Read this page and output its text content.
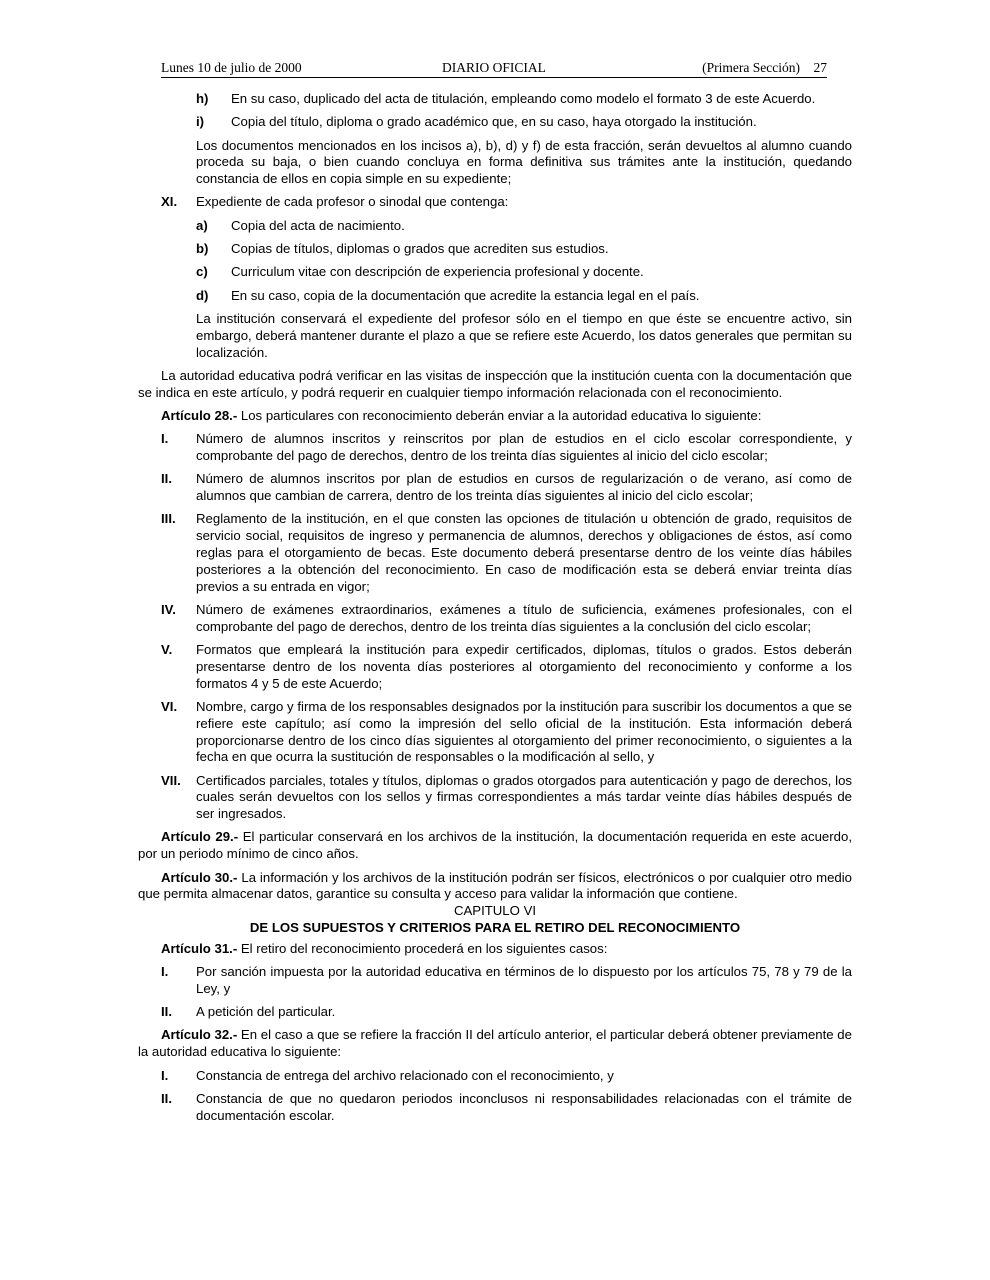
Lunes 10 de julio de 2000	DIARIO OFICIAL	(Primera Sección) 27
h)	En su caso, duplicado del acta de titulación, empleando como modelo el formato 3 de este Acuerdo.
i)	Copia del título, diploma o grado académico que, en su caso, haya otorgado la institución.

Los documentos mencionados en los incisos a), b), d) y f) de esta fracción, serán devueltos al alumno cuando proceda su baja, o bien cuando concluya en forma definitiva sus trámites ante la institución, quedando constancia de ellos en copia simple en su expediente;

XI.	Expediente de cada profesor o sinodal que contenga:
a)	Copia del acta de nacimiento.
b)	Copias de títulos, diplomas o grados que acrediten sus estudios.
c)	Curriculum vitae con descripción de experiencia profesional y docente.
d)	En su caso, copia de la documentación que acredite la estancia legal en el país.

La institución conservará el expediente del profesor sólo en el tiempo en que éste se encuentre activo, sin embargo, deberá mantener durante el plazo a que se refiere este Acuerdo, los datos generales que permitan su localización.

La autoridad educativa podrá verificar en las visitas de inspección que la institución cuenta con la documentación que se indica en este artículo, y podrá requerir en cualquier tiempo información relacionada con el reconocimiento.

Artículo 28.- Los particulares con reconocimiento deberán enviar a la autoridad educativa lo siguiente:

I.	Número de alumnos inscritos y reinscritos por plan de estudios en el ciclo escolar correspondiente, y comprobante del pago de derechos, dentro de los treinta días siguientes al inicio del ciclo escolar;
II.	Número de alumnos inscritos por plan de estudios en cursos de regularización o de verano, así como de alumnos que cambian de carrera, dentro de los treinta días siguientes al inicio del ciclo escolar;
III.	Reglamento de la institución, en el que consten las opciones de titulación u obtención de grado, requisitos de servicio social, requisitos de ingreso y permanencia de alumnos, derechos y obligaciones de éstos, así como reglas para el otorgamiento de becas. Este documento deberá presentarse dentro de los veinte días hábiles posteriores a la obtención del reconocimiento. En caso de modificación esta se deberá enviar treinta días previos a su entrada en vigor;
IV.	Número de exámenes extraordinarios, exámenes a título de suficiencia, exámenes profesionales, con el comprobante del pago de derechos, dentro de los treinta días siguientes a la conclusión del ciclo escolar;
V.	Formatos que empleará la institución para expedir certificados, diplomas, títulos o grados. Estos deberán presentarse dentro de los noventa días posteriores al otorgamiento del reconocimiento y conforme a los formatos 4 y 5 de este Acuerdo;
VI.	Nombre, cargo y firma de los responsables designados por la institución para suscribir los documentos a que se refiere este capítulo; así como la impresión del sello oficial de la institución. Esta información deberá proporcionarse dentro de los cinco días siguientes al otorgamiento del primer reconocimiento, o siguientes a la fecha en que ocurra la sustitución de responsables o la modificación al sello, y
VII.	Certificados parciales, totales y títulos, diplomas o grados otorgados para autenticación y pago de derechos, los cuales serán devueltos con los sellos y firmas correspondientes a más tardar veinte días hábiles después de ser ingresados.

Artículo 29.- El particular conservará en los archivos de la institución, la documentación requerida en este acuerdo, por un periodo mínimo de cinco años.

Artículo 30.- La información y los archivos de la institución podrán ser físicos, electrónicos o por cualquier otro medio que permita almacenar datos, garantice su consulta y acceso para validar la información que contiene.

CAPITULO VI

DE LOS SUPUESTOS Y CRITERIOS PARA EL RETIRO DEL RECONOCIMIENTO

Artículo 31.- El retiro del reconocimiento procederá en los siguientes casos:

I.	Por sanción impuesta por la autoridad educativa en términos de lo dispuesto por los artículos 75, 78 y 79 de la Ley, y
II.	A petición del particular.

Artículo 32.- En el caso a que se refiere la fracción II del artículo anterior, el particular deberá obtener previamente de la autoridad educativa lo siguiente:

I.	Constancia de entrega del archivo relacionado con el reconocimiento, y
II.	Constancia de que no quedaron periodos inconclusos ni responsabilidades relacionadas con el trámite de documentación escolar.
